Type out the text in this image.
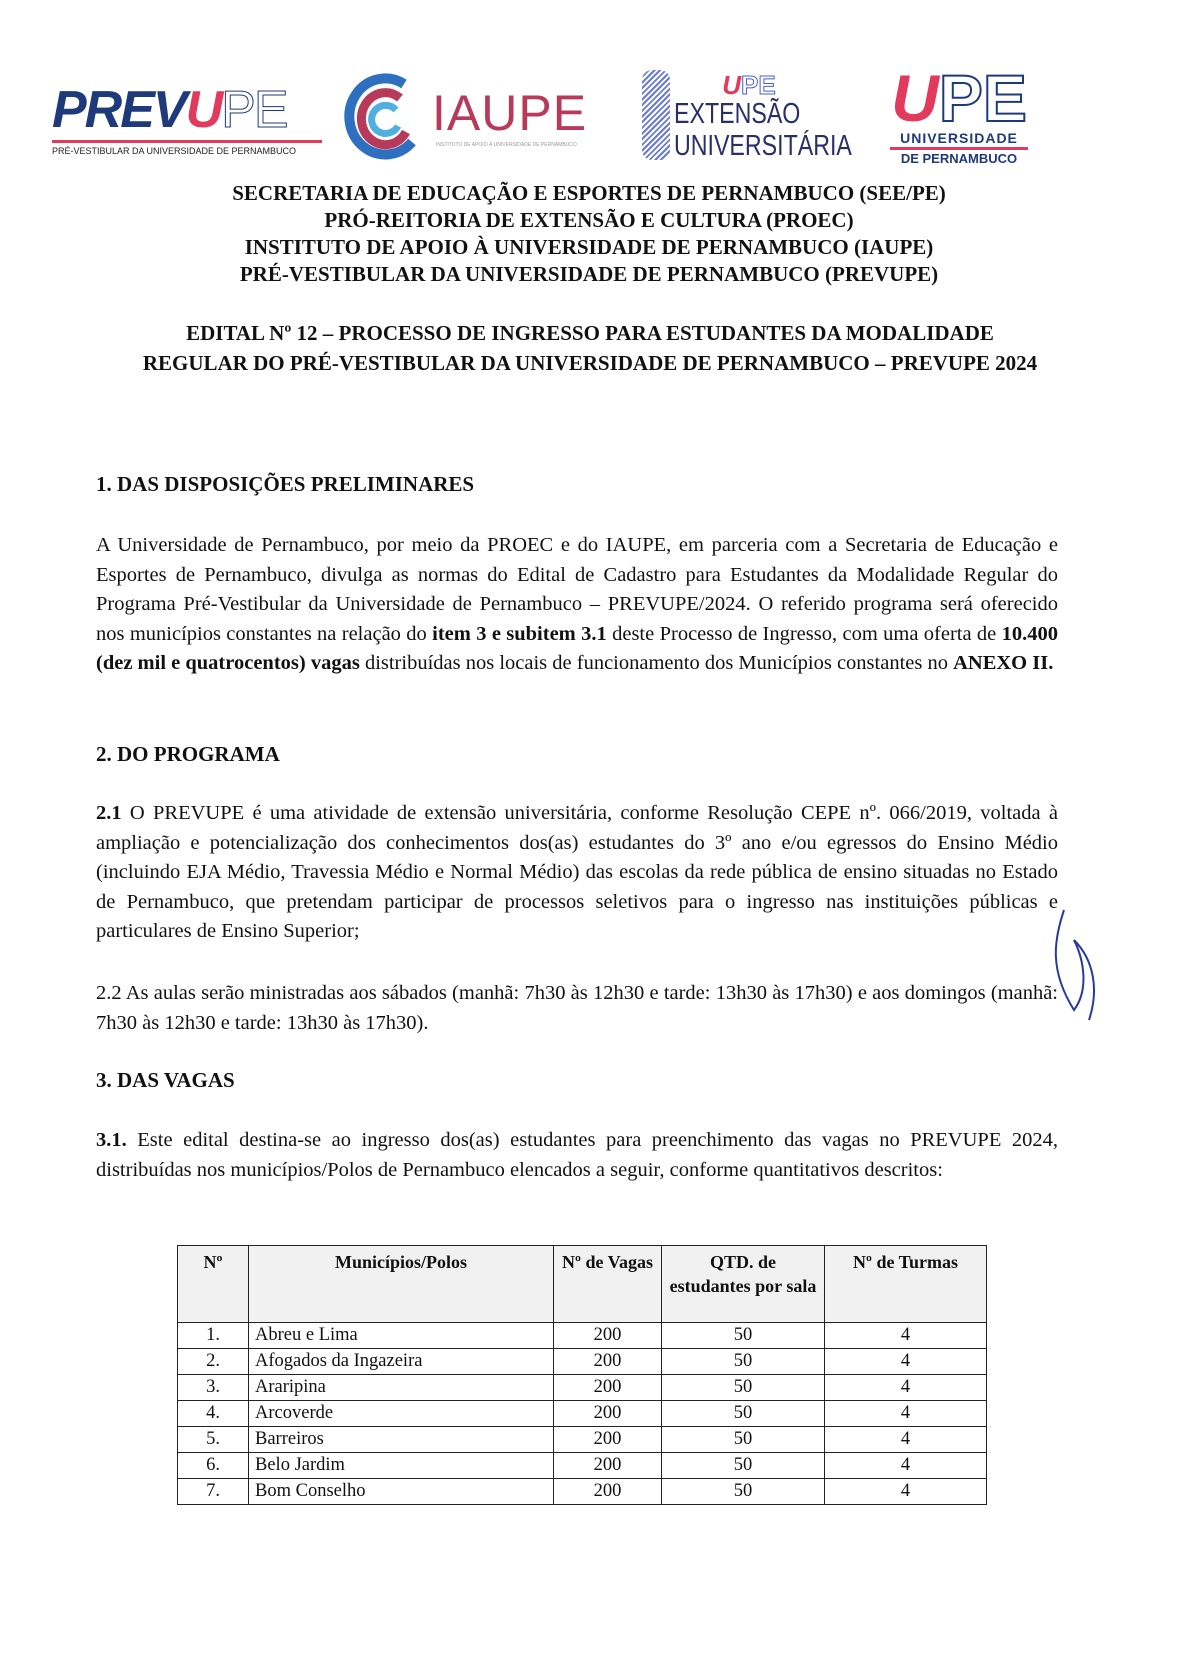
PREVUPE
PRÉ-VESTIBULAR DA UNIVERSIDADE DE PERNAMBUCO
IAUPE
INSTITUTO DE APOIO À UNIVERSIDADE DE PERNAMBUCO
UPE
EXTENSÃO
UNIVERSITÁRIA
UPE
UNIVERSIDADE
DE PERNAMBUCO
SECRETARIA DE EDUCAÇÃO E ESPORTES DE PERNAMBUCO (SEE/PE)
PRÓ-REITORIA DE EXTENSÃO E CULTURA (PROEC)
INSTITUTO DE APOIO À UNIVERSIDADE DE PERNAMBUCO (IAUPE)
PRÉ-VESTIBULAR DA UNIVERSIDADE DE PERNAMBUCO (PREVUPE)
EDITAL Nº 12 – PROCESSO DE INGRESSO PARA ESTUDANTES DA MODALIDADE
REGULAR DO PRÉ-VESTIBULAR DA UNIVERSIDADE DE PERNAMBUCO – PREVUPE 2024
1. DAS DISPOSIÇÕES PRELIMINARES
A Universidade de Pernambuco, por meio da PROEC e do IAUPE, em parceria com a Secretaria de Educação e Esportes de Pernambuco, divulga as normas do Edital de Cadastro para Estudantes da Modalidade Regular do Programa Pré-Vestibular da Universidade de Pernambuco – PREVUPE/2024. O referido programa será oferecido nos municípios constantes na relação do item 3 e subitem 3.1 deste Processo de Ingresso, com uma oferta de 10.400 (dez mil e quatrocentos) vagas distribuídas nos locais de funcionamento dos Municípios constantes no ANEXO II.
2. DO PROGRAMA
2.1 O PREVUPE é uma atividade de extensão universitária, conforme Resolução CEPE nº. 066/2019, voltada à ampliação e potencialização dos conhecimentos dos(as) estudantes do 3º ano e/ou egressos do Ensino Médio (incluindo EJA Médio, Travessia Médio e Normal Médio) das escolas da rede pública de ensino situadas no Estado de Pernambuco, que pretendam participar de processos seletivos para o ingresso nas instituições públicas e particulares de Ensino Superior;
2.2 As aulas serão ministradas aos sábados (manhã: 7h30 às 12h30 e tarde: 13h30 às 17h30) e aos domingos (manhã: 7h30 às 12h30 e tarde: 13h30 às 17h30).
3. DAS VAGAS
3.1. Este edital destina-se ao ingresso dos(as) estudantes para preenchimento das vagas no PREVUPE 2024, distribuídas nos municípios/Polos de Pernambuco elencados a seguir, conforme quantitativos descritos:
Nº	Municípios/Polos	Nº de Vagas	QTD. de estudantes por sala	Nº de Turmas
1.	Abreu e Lima	200	50	4
2.	Afogados da Ingazeira	200	50	4
3.	Araripina	200	50	4
4.	Arcoverde	200	50	4
5.	Barreiros	200	50	4
6.	Belo Jardim	200	50	4
7.	Bom Conselho	200	50	4
